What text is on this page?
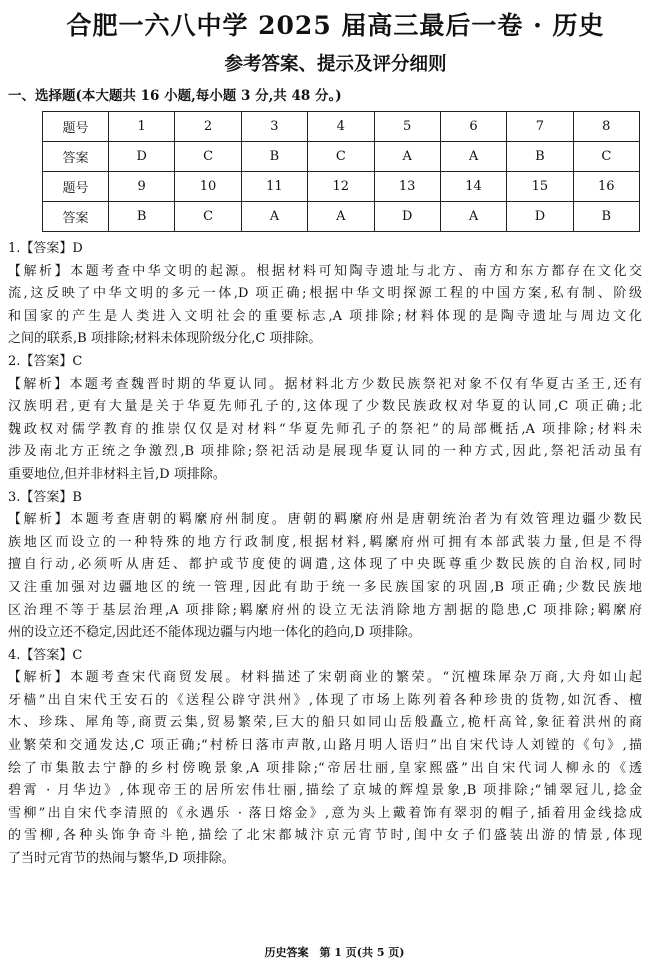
合肥一六八中学 2025 届高三最后一卷 · 历史
参考答案、提示及评分细则
一、选择题(本大题共 16 小题,每小题 3 分,共 48 分。)
题号	1	2	3	4	5	6	7	8
答案	D	C	B	C	A	A	B	C
题号	9	10	11	12	13	14	15	16
答案	B	C	A	A	D	A	D	B
1.【答案】D
【解析】本题考查中华文明的起源。根据材料可知陶寺遗址与北方、南方和东方都存在文化交
流,这反映了中华文明的多元一体,D 项正确;根据中华文明探源工程的中国方案,私有制、阶级
和国家的产生是人类进入文明社会的重要标志,A 项排除;材料体现的是陶寺遗址与周边文化
之间的联系,B 项排除;材料未体现阶级分化,C 项排除。
2.【答案】C
【解析】本题考查魏晋时期的华夏认同。据材料北方少数民族祭祀对象不仅有华夏古圣王,还有
汉族明君,更有大量是关于华夏先师孔子的,这体现了少数民族政权对华夏的认同,C 项正确;北
魏政权对儒学教育的推崇仅仅是对材料“华夏先师孔子的祭祀”的局部概括,A 项排除;材料未
涉及南北方正统之争激烈,B 项排除;祭祀活动是展现华夏认同的一种方式,因此,祭祀活动虽有
重要地位,但并非材料主旨,D 项排除。
3.【答案】B
【解析】本题考查唐朝的羁縻府州制度。唐朝的羁縻府州是唐朝统治者为有效管理边疆少数民
族地区而设立的一种特殊的地方行政制度,根据材料,羁縻府州可拥有本部武装力量,但是不得
擅自行动,必须听从唐廷、都护或节度使的调遣,这体现了中央既尊重少数民族的自治权,同时
又注重加强对边疆地区的统一管理,因此有助于统一多民族国家的巩固,B 项正确;少数民族地
区治理不等于基层治理,A 项排除;羁縻府州的设立无法消除地方割据的隐患,C 项排除;羁縻府
州的设立还不稳定,因此还不能体现边疆与内地一体化的趋向,D 项排除。
4.【答案】C
【解析】本题考查宋代商贸发展。材料描述了宋朝商业的繁荣。“沉檀珠犀杂万商,大舟如山起
牙樯”出自宋代王安石的《送程公辟守洪州》,体现了市场上陈列着各种珍贵的货物,如沉香、檀
木、珍珠、犀角等,商贾云集,贸易繁荣,巨大的船只如同山岳般矗立,桅杆高耸,象征着洪州的商
业繁荣和交通发达,C 项正确;“村桥日落市声散,山路月明人语归”出自宋代诗人刘镗的《句》,描
绘了市集散去宁静的乡村傍晚景象,A 项排除;“帝居壮丽,皇家熙盛”出自宋代词人柳永的《透
碧霄 · 月华边》,体现帝王的居所宏伟壮丽,描绘了京城的辉煌景象,B 项排除;“铺翠冠儿,捻金
雪柳”出自宋代李清照的《永遇乐 · 落日熔金》,意为头上戴着饰有翠羽的帽子,插着用金线捻成
的雪柳,各种头饰争奇斗艳,描绘了北宋都城汴京元宵节时,闺中女子们盛装出游的情景,体现
了当时元宵节的热闹与繁华,D 项排除。
历史答案　第 1 页(共 5 页)
